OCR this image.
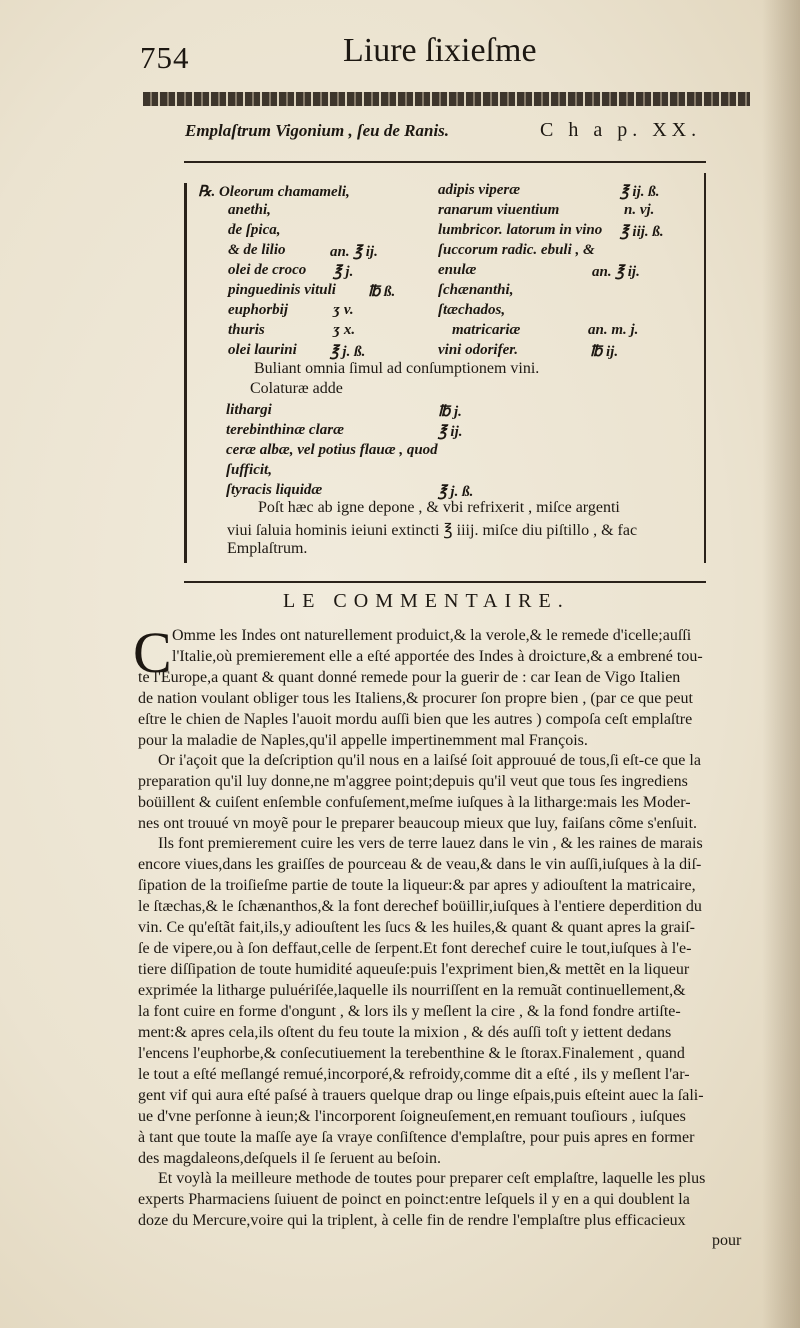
754	Liure ſixieſme
Emplaſtrum Vigonium , ſeu de Ranis.	C h a p. XX.
℞. Oleorum chamameli,	adipis viperæ	℥ ij. ß.
anethi,	ranarum viuentium	n. vj.
de ſpica,	lumbricor. latorum in vino ℥ iij. ß.
& de lilio	an. ℥ ij.	ſuccorum radic. ebuli , &
olei de croco ℥ j.	enulæ	an. ℥ ij.
pinguedinis vituli ℔ ß.	ſchænanthi,
euphorbij	ʒ v.	ſtæchados,
thuris	ʒ x.	matricariæ	an. m. j.
olei laurini ℥ j. ß.	vini odorifer.	℔ ij.
Buliant omnia ſimul ad conſumptionem vini.
Colaturæ adde
lithargi	℔ j.
terebinthinæ claræ	℥ ij.
ceræ albæ, vel potius flauæ , quod
ſufficit,
ſtyracis liquidæ	℥ j. ß.
Poſt hæc ab igne depone , & vbi refrixerit , miſce argenti
viui ſaluia hominis ieiuni extincti ℥ iiij. miſce diu piſtillo , & fac
Emplaſtrum.
LE COMMENTAIRE.
C Omme les Indes ont naturellement produict,& la verole,& le remede d'icelle;auſſi
l'Italie,où premierement elle a eſté apportée des Indes à droicture,& a embrené tou-
te l'Europe,a quant & quant donné remede pour la guerir de : car Iean de Vigo Italien
de nation voulant obliger tous les Italiens,& procurer ſon propre bien , (par ce que peut
eſtre le chien de Naples l'auoit mordu auſſi bien que les autres ) compoſa ceſt emplaſtre
pour la maladie de Naples,qu'il appelle impertinemment mal François.
Or i'açoit que la deſcription qu'il nous en a laiſsé ſoit approuué de tous,ſi eſt-ce que la
preparation qu'il luy donne,ne m'aggree point;depuis qu'il veut que tous ſes ingrediens
boüillent & cuiſent enſemble confuſement,meſme iuſques à la litharge:mais les Moder-
nes ont trouué vn moyẽ pour le preparer beaucoup mieux que luy, faiſans cõme s'enſuit.
Ils font premierement cuire les vers de terre lauez dans le vin , & les raines de marais
encore viues,dans les graiſſes de pourceau & de veau,& dans le vin auſſi,iuſques à la diſ-
ſipation de la troiſieſme partie de toute la liqueur:& par apres y adiouſtent la matricaire,
le ſtæchas,& le ſchænanthos,& la font derechef boüillir,iuſques à l'entiere deperdition du
vin. Ce qu'eſtãt fait,ils,y adiouſtent les ſucs & les huiles,& quant & quant apres la graiſ-
ſe de vipere,ou à ſon deffaut,celle de ſerpent.Et font derechef cuire le tout,iuſques à l'e-
tiere diſſipation de toute humidité aqueuſe:puis l'expriment bien,& mettẽt en la liqueur
exprimée la litharge puluériſée,laquelle ils nourriſſent en la remuãt continuellement,&
la font cuire en forme d'ongunt , & lors ils y meſlent la cire , & la fond fondre artiſte-
ment:& apres cela,ils oſtent du feu toute la mixion , & dés auſſi toſt y iettent dedans
l'encens l'euphorbe,& conſecutiuement la terebenthine & le ſtorax.Finalement , quand
le tout a eſté meſlangé remué,incorporé,& refroidy,comme dit a eſté , ils y meſlent l'ar-
gent vif qui aura eſté paſsé à trauers quelque drap ou linge eſpais,puis eſteint auec la ſali-
ue d'vne perſonne à ieun;& l'incorporent ſoigneuſement,en remuant touſiours , iuſques
à tant que toute la maſſe aye ſa vraye conſiſtence d'emplaſtre, pour puis apres en former
des magdaleons,deſquels il ſe ſeruent au beſoin.
Et voylà la meilleure methode de toutes pour preparer ceſt emplaſtre, laquelle les plus
experts Pharmaciens ſuiuent de poinct en poinct:entre leſquels il y en a qui doublent la
doze du Mercure,voire qui la triplent, à celle fin de rendre l'emplaſtre plus efficacieux
pour
